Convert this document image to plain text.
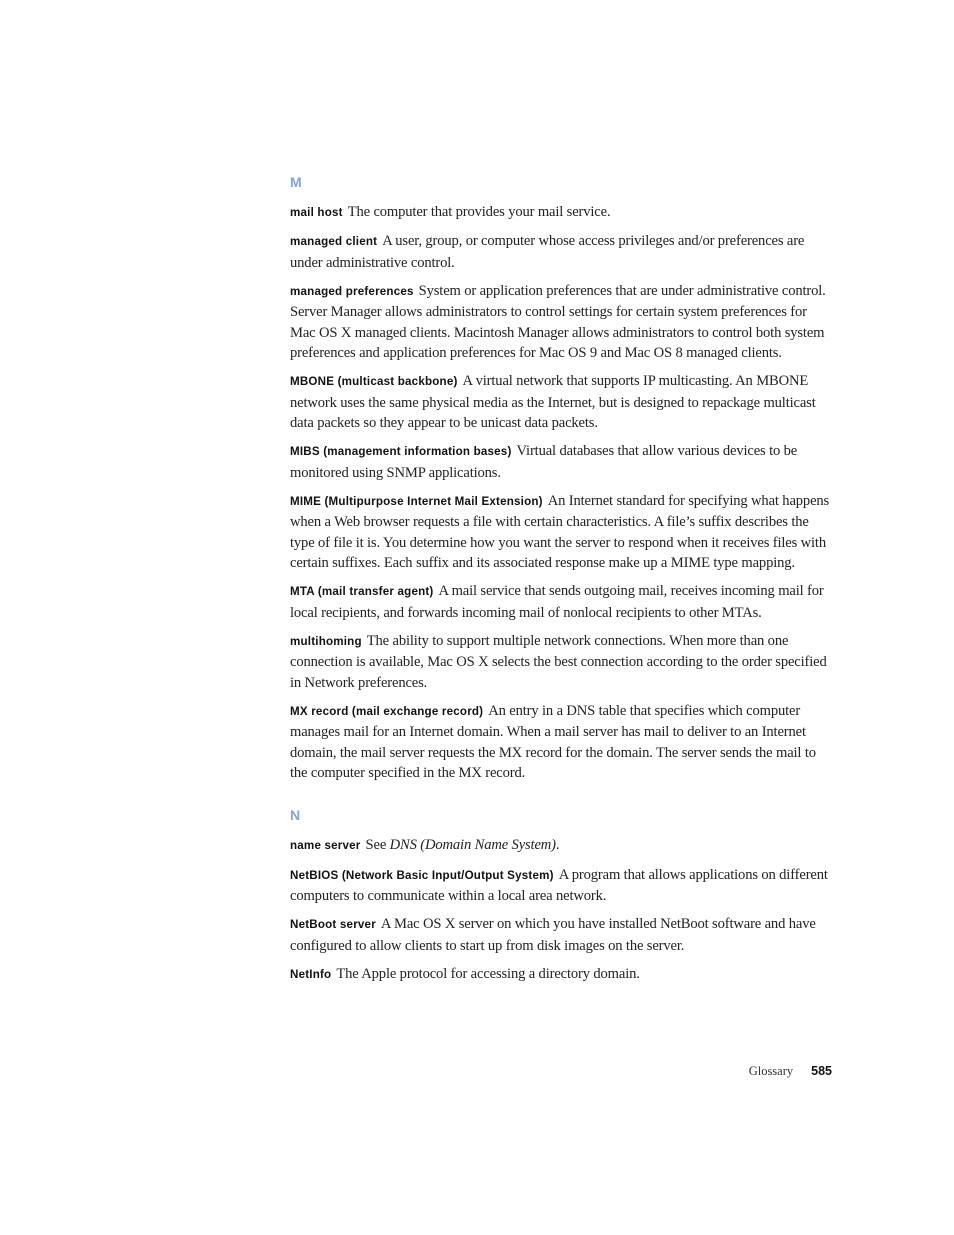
M

mail host The computer that provides your mail service.

managed client A user, group, or computer whose access privileges and/or preferences are under administrative control.

managed preferences System or application preferences that are under administrative control. Server Manager allows administrators to control settings for certain system preferences for Mac OS X managed clients. Macintosh Manager allows administrators to control both system preferences and application preferences for Mac OS 9 and Mac OS 8 managed clients.

MBONE (multicast backbone) A virtual network that supports IP multicasting. An MBONE network uses the same physical media as the Internet, but is designed to repackage multicast data packets so they appear to be unicast data packets.

MIBS (management information bases) Virtual databases that allow various devices to be monitored using SNMP applications.

MIME (Multipurpose Internet Mail Extension) An Internet standard for specifying what happens when a Web browser requests a file with certain characteristics. A file’s suffix describes the type of file it is. You determine how you want the server to respond when it receives files with certain suffixes. Each suffix and its associated response make up a MIME type mapping.

MTA (mail transfer agent) A mail service that sends outgoing mail, receives incoming mail for local recipients, and forwards incoming mail of nonlocal recipients to other MTAs.

multihoming The ability to support multiple network connections. When more than one connection is available, Mac OS X selects the best connection according to the order specified in Network preferences.

MX record (mail exchange record) An entry in a DNS table that specifies which computer manages mail for an Internet domain. When a mail server has mail to deliver to an Internet domain, the mail server requests the MX record for the domain. The server sends the mail to the computer specified in the MX record.

N

name server See DNS (Domain Name System).

NetBIOS (Network Basic Input/Output System) A program that allows applications on different computers to communicate within a local area network.

NetBoot server A Mac OS X server on which you have installed NetBoot software and have configured to allow clients to start up from disk images on the server.

NetInfo The Apple protocol for accessing a directory domain.

Glossary 585
